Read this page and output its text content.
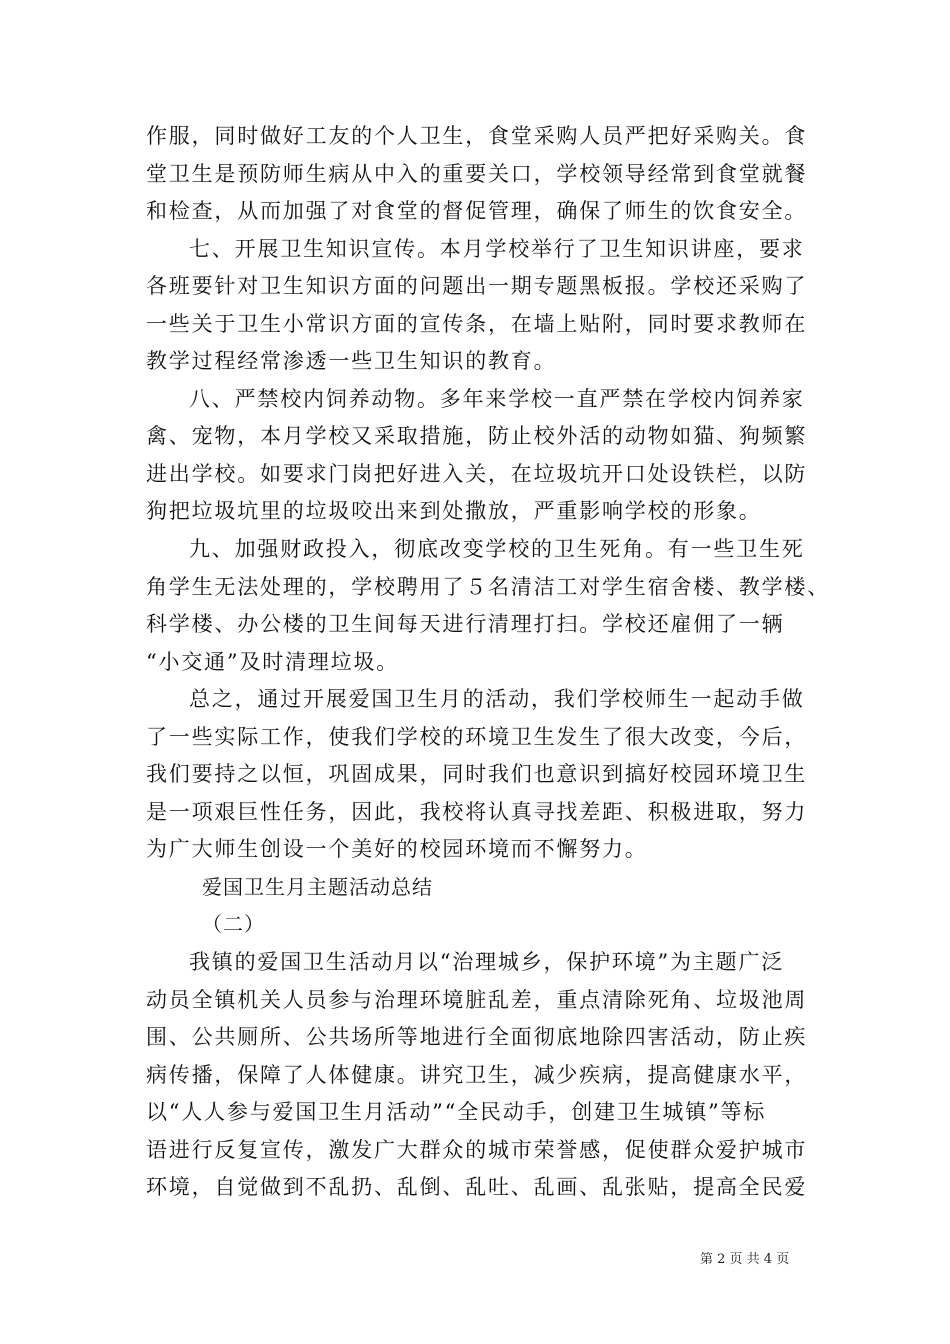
作服，同时做好工友的个人卫生，食堂采购人员严把好采购关。食
堂卫生是预防师生病从中入的重要关口，学校领导经常到食堂就餐
和检查，从而加强了对食堂的督促管理，确保了师生的饮食安全。
七、开展卫生知识宣传。本月学校举行了卫生知识讲座，要求
各班要针对卫生知识方面的问题出一期专题黑板报。学校还采购了
一些关于卫生小常识方面的宣传条，在墙上贴附，同时要求教师在
教学过程经常渗透一些卫生知识的教育。
八、严禁校内饲养动物。多年来学校一直严禁在学校内饲养家
禽、宠物，本月学校又采取措施，防止校外活的动物如猫、狗频繁
进出学校。如要求门岗把好进入关，在垃圾坑开口处设铁栏，以防
狗把垃圾坑里的垃圾咬出来到处撒放，严重影响学校的形象。
九、加强财政投入，彻底改变学校的卫生死角。有一些卫生死
角学生无法处理的，学校聘用了５名清洁工对学生宿舍楼、教学楼、
科学楼、办公楼的卫生间每天进行清理打扫。学校还雇佣了一辆
“小交通”及时清理垃圾。
总之，通过开展爱国卫生月的活动，我们学校师生一起动手做
了一些实际工作，使我们学校的环境卫生发生了很大改变，今后，
我们要持之以恒，巩固成果，同时我们也意识到搞好校园环境卫生
是一项艰巨性任务，因此，我校将认真寻找差距、积极进取，努力
为广大师生创设一个美好的校园环境而不懈努力。
爱国卫生月主题活动总结
（二）
我镇的爱国卫生活动月以“治理城乡，保护环境”为主题广泛
动员全镇机关人员参与治理环境脏乱差，重点清除死角、垃圾池周
围、公共厕所、公共场所等地进行全面彻底地除四害活动，防止疾
病传播，保障了人体健康。讲究卫生，减少疾病，提高健康水平，
以“人人参与爱国卫生月活动”“全民动手，创建卫生城镇”等标
语进行反复宣传，激发广大群众的城市荣誉感，促使群众爱护城市
环境，自觉做到不乱扔、乱倒、乱吐、乱画、乱张贴，提高全民爱
第 2 页 共 4 页
